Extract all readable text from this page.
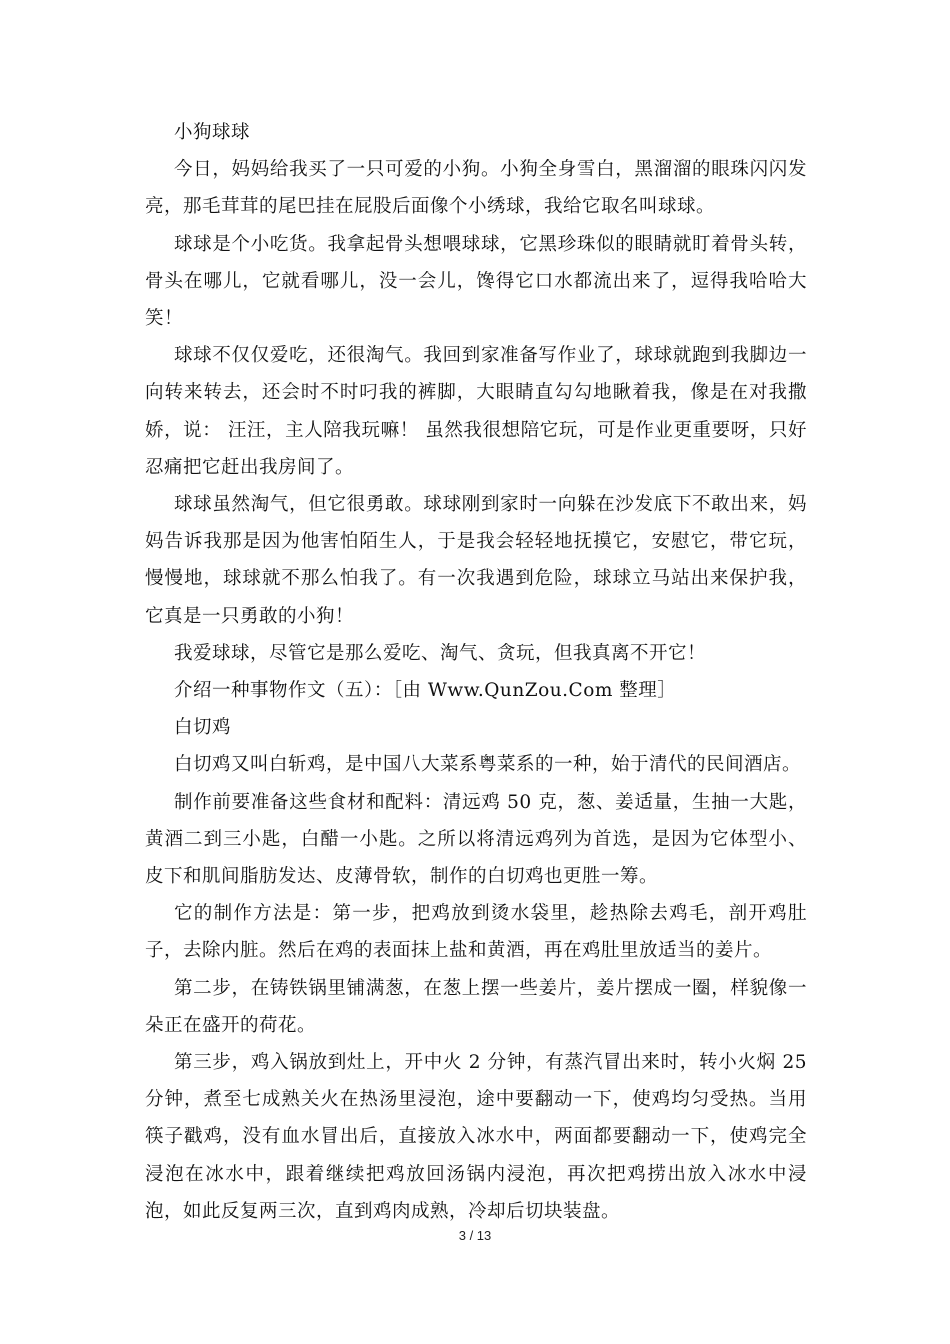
小狗球球

今日，妈妈给我买了一只可爱的小狗。小狗全身雪白，黑溜溜的眼珠闪闪发亮，那毛茸茸的尾巴挂在屁股后面像个小绣球，我给它取名叫球球。

球球是个小吃货。我拿起骨头想喂球球，它黑珍珠似的眼睛就盯着骨头转，骨头在哪儿，它就看哪儿，没一会儿，馋得它口水都流出来了，逗得我哈哈大笑！

球球不仅仅爱吃，还很淘气。我回到家准备写作业了，球球就跑到我脚边一向转来转去，还会时不时叼我的裤脚，大眼睛直勾勾地瞅着我，像是在对我撒娇，说： 汪汪，主人陪我玩嘛！ 虽然我很想陪它玩，可是作业更重要呀，只好忍痛把它赶出我房间了。

球球虽然淘气，但它很勇敢。球球刚到家时一向躲在沙发底下不敢出来，妈妈告诉我那是因为他害怕陌生人，于是我会轻轻地抚摸它，安慰它，带它玩，慢慢地，球球就不那么怕我了。有一次我遇到危险，球球立马站出来保护我，它真是一只勇敢的小狗！

我爱球球，尽管它是那么爱吃、淘气、贪玩，但我真离不开它！

介绍一种事物作文（五）：［由 Www.QunZou.Com 整理］

白切鸡

白切鸡又叫白斩鸡，是中国八大菜系粤菜系的一种，始于清代的民间酒店。

制作前要准备这些食材和配料：清远鸡 50 克，葱、姜适量，生抽一大匙，黄酒二到三小匙，白醋一小匙。之所以将清远鸡列为首选，是因为它体型小、皮下和肌间脂肪发达、皮薄骨软，制作的白切鸡也更胜一筹。

它的制作方法是：第一步，把鸡放到烫水袋里，趁热除去鸡毛，剖开鸡肚子，去除内脏。然后在鸡的表面抹上盐和黄酒，再在鸡肚里放适当的姜片。

第二步，在铸铁锅里铺满葱，在葱上摆一些姜片，姜片摆成一圈，样貌像一朵正在盛开的荷花。

第三步，鸡入锅放到灶上，开中火 2 分钟，有蒸汽冒出来时，转小火焖 25 分钟，煮至七成熟关火在热汤里浸泡，途中要翻动一下，使鸡均匀受热。当用筷子戳鸡，没有血水冒出后，直接放入冰水中，两面都要翻动一下，使鸡完全浸泡在冰水中，跟着继续把鸡放回汤锅内浸泡，再次把鸡捞出放入冰水中浸泡，如此反复两三次，直到鸡肉成熟，冷却后切块装盘。

3 / 13
